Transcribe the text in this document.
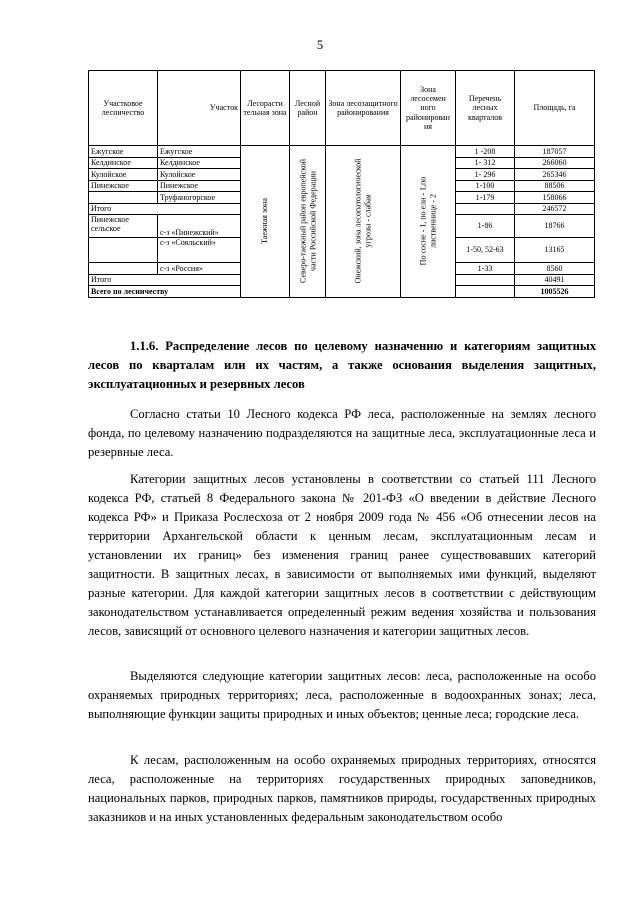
5
Участковое лесничество	Участок	Лесорасти тельная зона	Лесной район	Зона лесозащитного районирования	Зона лесосемен ного районирован ия	Перечень лесных кварталов	Площадь, га
Ежугское	Ежугское	Таежная зона	Северо-таежный район европейской части Российской Федерации	Онежский, зона лесопатологической угрозы - слабая	По сосне - 1, по ели - 1,по лиственнице - 2	1 -208	187057
Келдинское	Келдинское					1- 312	266060
Кулойское	Кулойское					1- 296	265346
Пинежское	Пинежское					1-100	88506
	Труфаногорское					1-179	158066
Итого							246572
Пинежское сельское	с-з «Пинежский»					1-86	18766
	с-з «Сояльский»					1-50, 52-63	13165
	с-з «Россия»					1-33	8560
Итого							40491
Всего по лесничеству							1005526

1.1.6. Распределение лесов по целевому назначению и категориям защитных лесов по кварталам или их частям, а также основания выделения защитных, эксплуатационных и резервных лесов

Согласно статьи 10 Лесного кодекса РФ леса, расположенные на землях лесного фонда, по целевому назначению подразделяются на защитные леса, эксплуатационные леса и резервные леса.

Категории защитных лесов установлены в соответствии со статьей 111 Лесного кодекса РФ, статьей 8 Федерального закона № 201-ФЗ «О введении в действие Лесного кодекса РФ» и Приказа Рослесхоза от 2 ноября 2009 года № 456 «Об отнесении лесов на территории Архангельской области к ценным лесам, эксплуатационным лесам и установлении их границ» без изменения границ ранее существовавших категорий защитности. В защитных лесах, в зависимости от выполняемых ими функций, выделяют разные категории. Для каждой категории защитных лесов в соответствии с действующим законодательством устанавливается определенный режим ведения хозяйства и пользования лесов, зависящий от основного целевого назначения и категории защитных лесов.

Выделяются следующие категории защитных лесов: леса, расположенные на особо охраняемых природных территориях; леса, расположенные в водоохранных зонах; леса, выполняющие функции защиты природных и иных объектов; ценные леса; городские леса.

К лесам, расположенным на особо охраняемых природных территориях, относятся леса, расположенные на территориях государственных природных заповедников, национальных парков, природных парков, памятников природы, государственных природных заказников и на иных установленных федеральным законодательством особо
